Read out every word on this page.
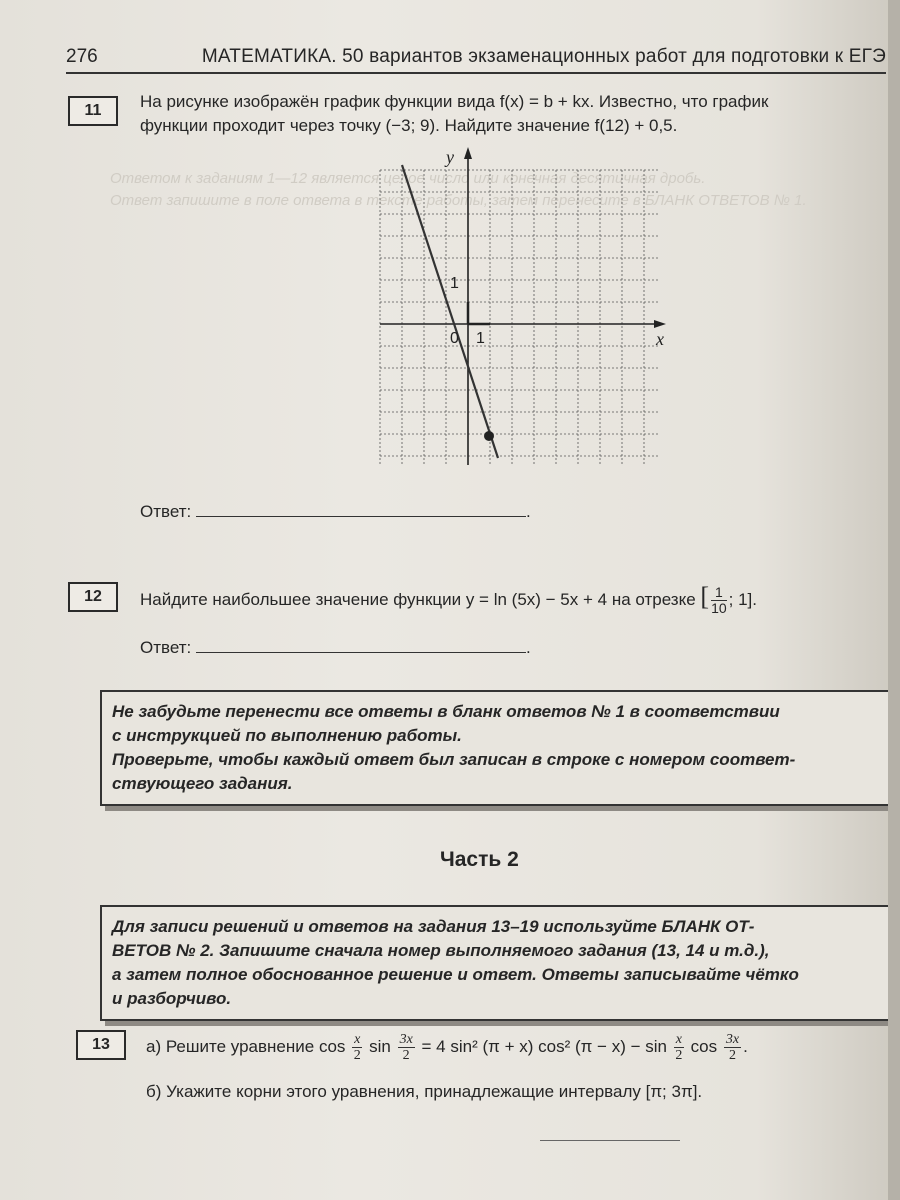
Ответом к заданиям 1—12 является целое число или конечная десятичная дробь.
Ответ запишите в поле ответа в тексте работы, затем перенесите в БЛАНК ОТВЕТОВ № 1.
276	МАТЕМАТИКА. 50 вариантов экзаменационных работ для подготовки к ЕГЭ
11	На рисунке изображён график функции вида f(x) = b + kx. Известно, что график
функции проходит через точку (−3; 9). Найдите значение f(12) + 0,5.
y
x
0 1
1
Ответ:	.
12	Найдите наибольшее значение функции y = ln (5x) − 5x + 4 на отрезке [ $\frac{1}{10}$ ; 1].
Ответ:	.
Не забудьте перенести все ответы в бланк ответов № 1 в соответствии
с инструкцией по выполнению работы.
Проверьте, чтобы каждый ответ был записан в строке с номером соответ-
ствующего задания.
Часть 2
Для записи решений и ответов на задания 13–19 используйте БЛАНК ОТ-
ВЕТОВ № 2. Запишите сначала номер выполняемого задания (13, 14 и т.д.),
а затем полное обоснованное решение и ответ. Ответы записывайте чётко
и разборчиво.
13	а) Решите уравнение $\cos \frac{x}{2}$ $\sin \frac{3x}{2} = 4$ sin² (π + x) cos² $(\pi - x) - \sin \frac{x}{2}$ $\cos \frac{3x}{2}$ .
б) Укажите корни этого уравнения, принадлежащие интервалу [π; 3π].
